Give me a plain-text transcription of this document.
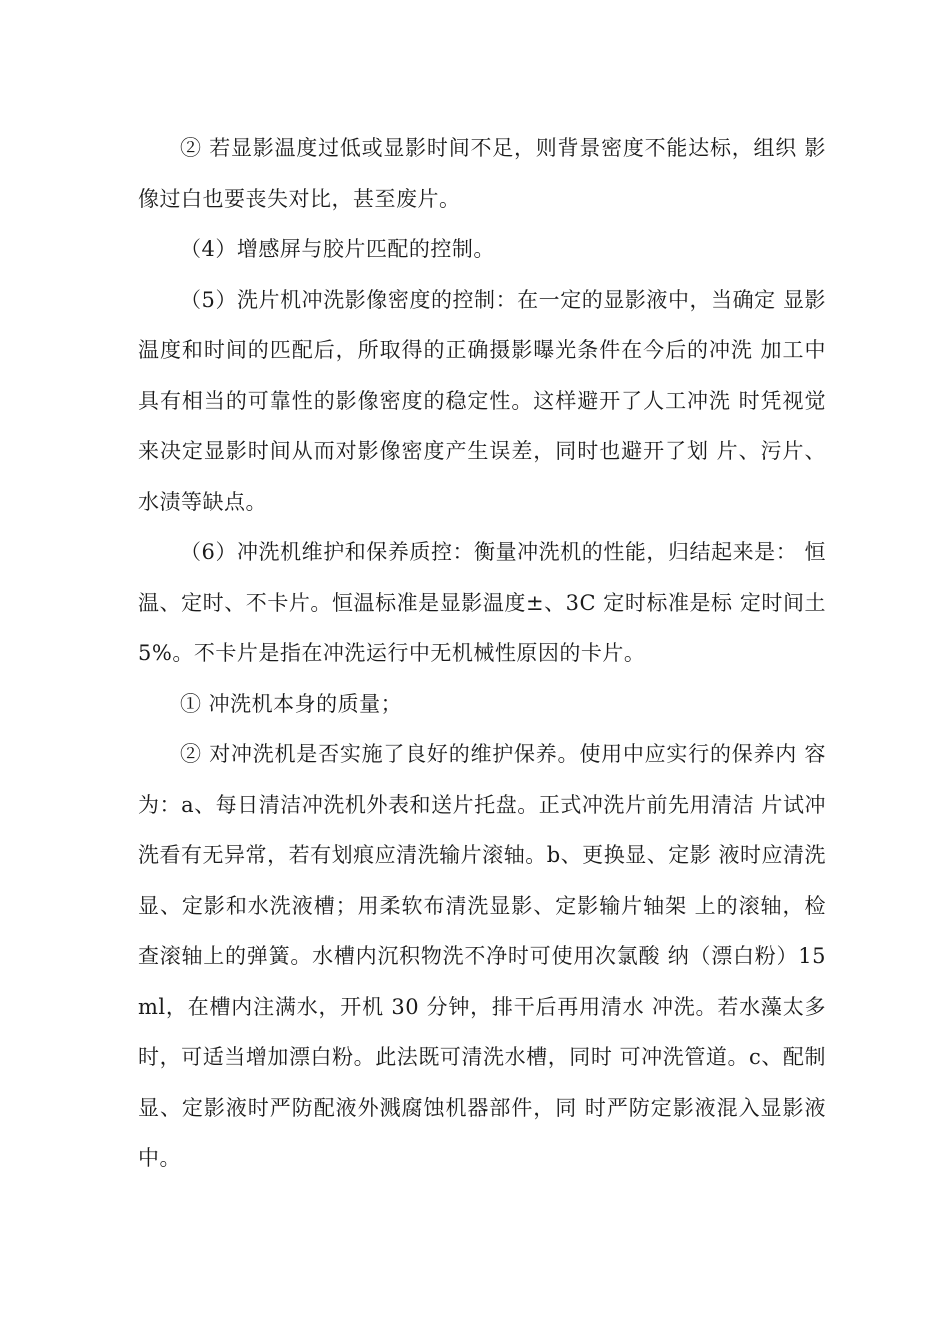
② 若显影温度过低或显影时间不足，则背景密度不能达标，组织 影像过白也要丧失对比，甚至废片。

（4）增感屏与胶片匹配的控制。

（5）洗片机冲洗影像密度的控制：在一定的显影液中，当确定 显影温度和时间的匹配后，所取得的正确摄影曝光条件在今后的冲洗 加工中具有相当的可靠性的影像密度的稳定性。这样避开了人工冲洗 时凭视觉来决定显影时间从而对影像密度产生误差，同时也避开了划 片、污片、水渍等缺点。

（6）冲洗机维护和保养质控：衡量冲洗机的性能，归结起来是： 恒温、定时、不卡片。恒温标准是显影温度±、3C 定时标准是标 定时间土 5%。不卡片是指在冲洗运行中无机械性原因的卡片。

① 冲洗机本身的质量；

② 对冲洗机是否实施了良好的维护保养。使用中应实行的保养内 容为：a、每日清洁冲洗机外表和送片托盘。正式冲洗片前先用清洁 片试冲洗看有无异常，若有划痕应清洗输片滚轴。b、更换显、定影 液时应清洗显、定影和水洗液槽；用柔软布清洗显影、定影输片轴架 上的滚轴，检查滚轴上的弹簧。水槽内沉积物洗不净时可使用次氯酸 纳（漂白粉）15ml，在槽内注满水，开机 30 分钟，排干后再用清水 冲洗。若水藻太多时，可适当增加漂白粉。此法既可清洗水槽，同时 可冲洗管道。c、配制显、定影液时严防配液外溅腐蚀机器部件，同 时严防定影液混入显影液中。
